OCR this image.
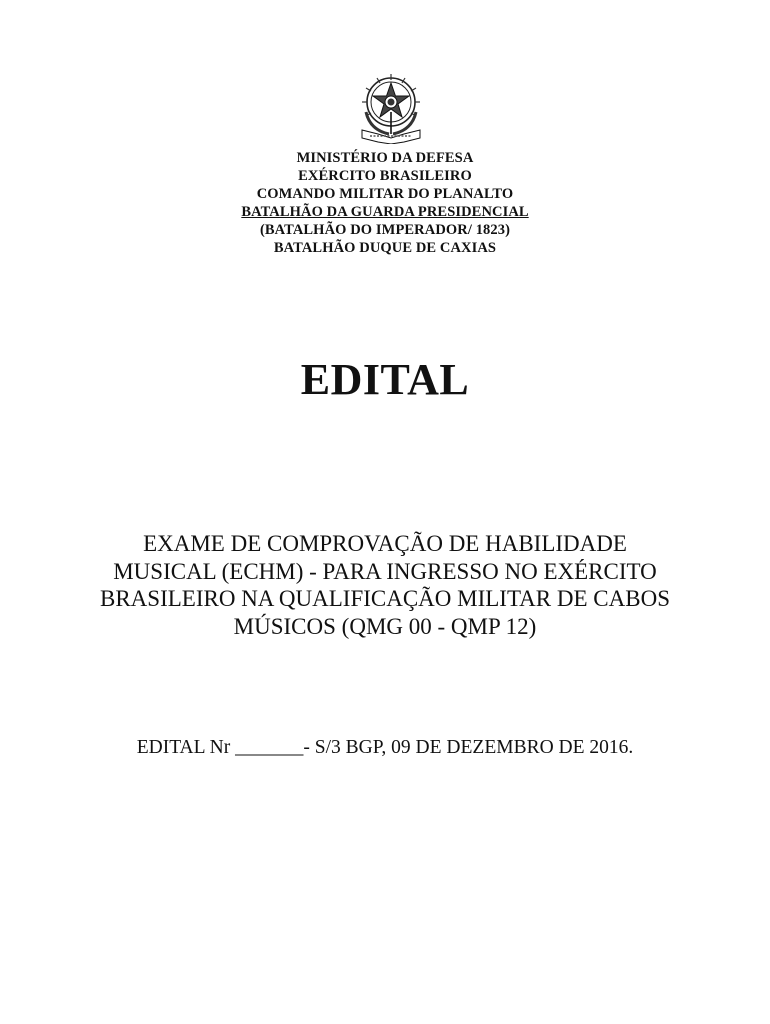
MINISTÉRIO DA DEFESA
EXÉRCITO BRASILEIRO
COMANDO MILITAR DO PLANALTO
BATALHÃO DA GUARDA PRESIDENCIAL
(BATALHÃO DO IMPERADOR/ 1823)
BATALHÃO DUQUE DE CAXIAS
EDITAL
EXAME DE COMPROVAÇÃO DE HABILIDADE
MUSICAL (ECHM) - PARA INGRESSO NO EXÉRCITO
BRASILEIRO NA QUALIFICAÇÃO MILITAR DE CABOS
MÚSICOS (QMG 00 - QMP 12)
EDITAL Nr _______- S/3 BGP, 09 DE DEZEMBRO DE 2016.
